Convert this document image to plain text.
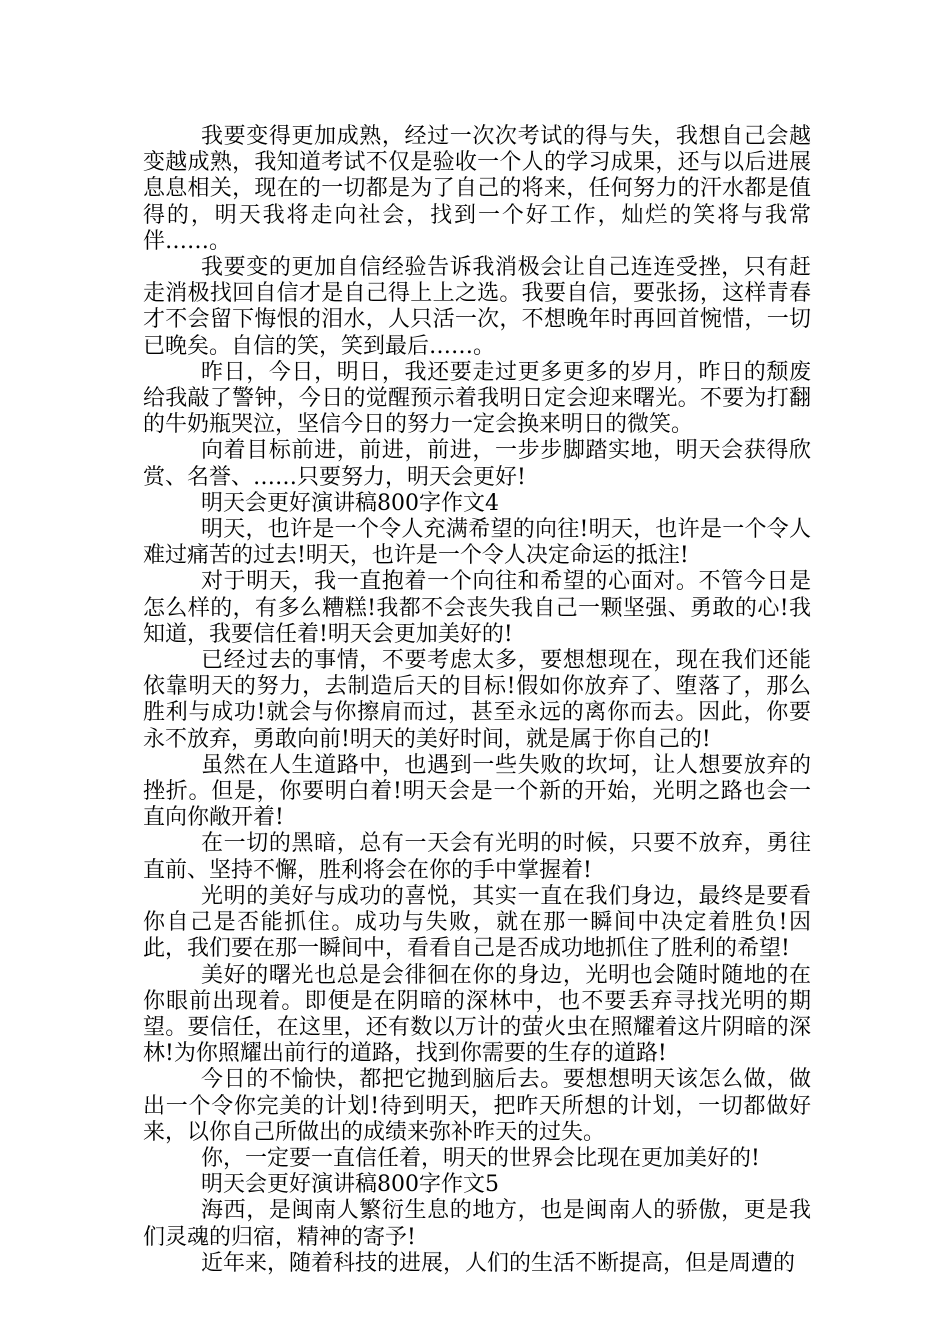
我要变得更加成熟，经过一次次考试的得与失，我想自己会越变越成熟，我知道考试不仅是验收一个人的学习成果，还与以后进展息息相关，现在的一切都是为了自己的将来，任何努力的汗水都是值得的，明天我将走向社会，找到一个好工作，灿烂的笑将与我常伴……。

我要变的更加自信经验告诉我消极会让自己连连受挫，只有赶走消极找回自信才是自己得上上之选。我要自信，要张扬，这样青春才不会留下悔恨的泪水，人只活一次，不想晚年时再回首惋惜，一切已晚矣。自信的笑，笑到最后……。

昨日，今日，明日，我还要走过更多更多的岁月，昨日的颓废给我敲了警钟，今日的觉醒预示着我明日定会迎来曙光。不要为打翻的牛奶瓶哭泣，坚信今日的努力一定会换来明日的微笑。

向着目标前进，前进，前进，一步步脚踏实地，明天会获得欣赏、名誉、……只要努力，明天会更好!

明天会更好演讲稿800字作文4

明天，也许是一个令人充满希望的向往!明天，也许是一个令人难过痛苦的过去!明天，也许是一个令人决定命运的抵注!

对于明天，我一直抱着一个向往和希望的心面对。不管今日是怎么样的，有多么糟糕!我都不会丧失我自己一颗坚强、勇敢的心!我知道，我要信任着!明天会更加美好的!

已经过去的事情，不要考虑太多，要想想现在，现在我们还能依靠明天的努力，去制造后天的目标!假如你放弃了、堕落了，那么胜利与成功!就会与你擦肩而过，甚至永远的离你而去。因此，你要永不放弃，勇敢向前!明天的美好时间，就是属于你自己的!

虽然在人生道路中，也遇到一些失败的坎坷，让人想要放弃的挫折。但是，你要明白着!明天会是一个新的开始，光明之路也会一直向你敞开着!

在一切的黑暗，总有一天会有光明的时候，只要不放弃，勇往直前、坚持不懈，胜利将会在你的手中掌握着!

光明的美好与成功的喜悦，其实一直在我们身边，最终是要看你自己是否能抓住。成功与失败，就在那一瞬间中决定着胜负!因此，我们要在那一瞬间中，看看自己是否成功地抓住了胜利的希望!

美好的曙光也总是会徘徊在你的身边，光明也会随时随地的在你眼前出现着。即便是在阴暗的深林中，也不要丢弃寻找光明的期望。要信任，在这里，还有数以万计的萤火虫在照耀着这片阴暗的深林!为你照耀出前行的道路，找到你需要的生存的道路!

今日的不愉快，都把它抛到脑后去。要想想明天该怎么做，做出一个令你完美的计划!待到明天，把昨天所想的计划，一切都做好来，以你自己所做出的成绩来弥补昨天的过失。

你，一定要一直信任着，明天的世界会比现在更加美好的!

明天会更好演讲稿800字作文5

海西，是闽南人繁衍生息的地方，也是闽南人的骄傲，更是我们灵魂的归宿，精神的寄予!

近年来，随着科技的进展，人们的生活不断提高，但是周遭的
